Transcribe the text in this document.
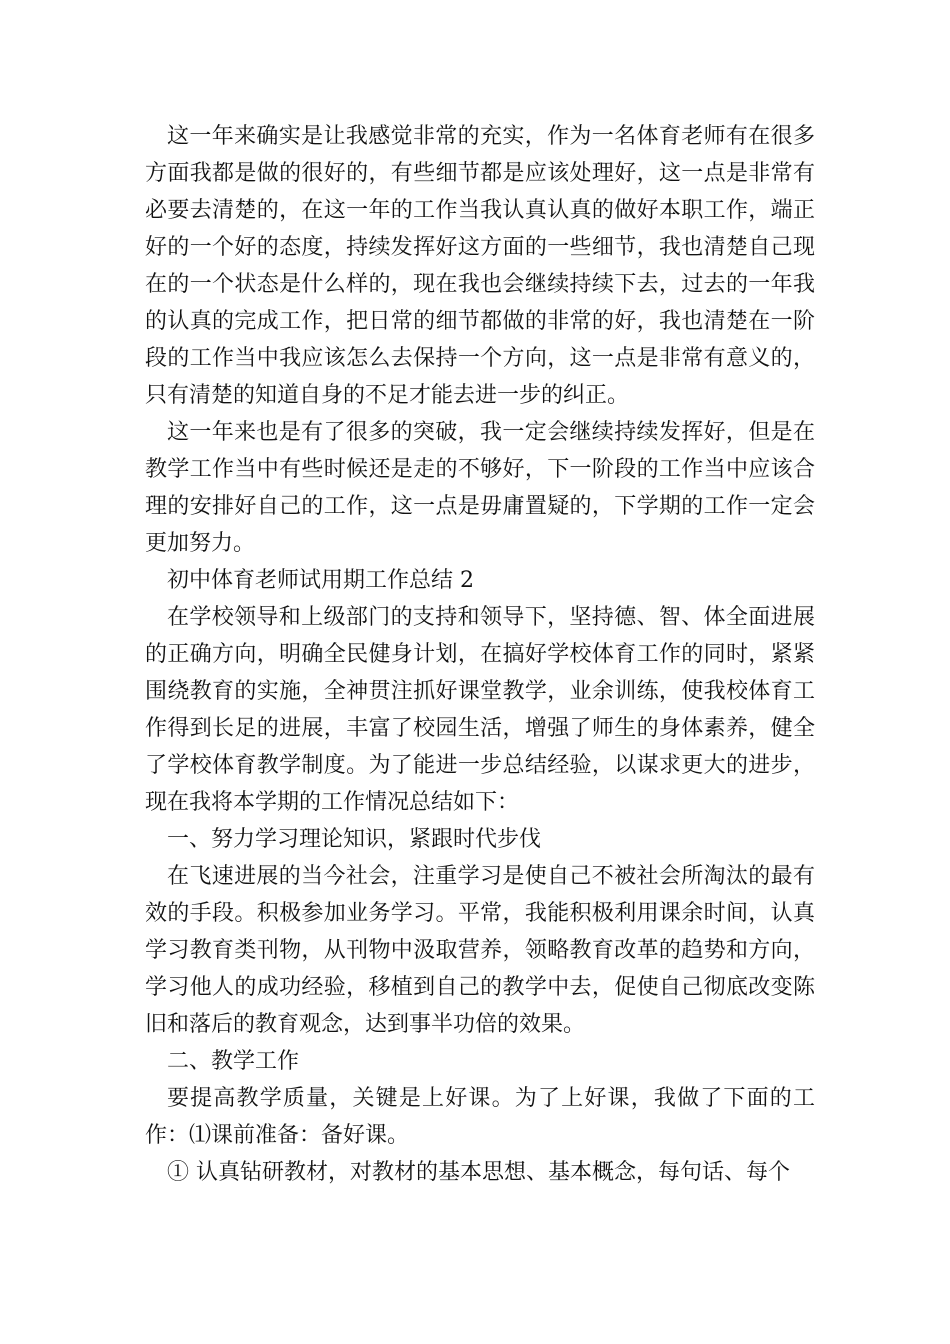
这一年来确实是让我感觉非常的充实，作为一名体育老师有在很多方面我都是做的很好的，有些细节都是应该处理好，这一点是非常有必要去清楚的，在这一年的工作当我认真认真的做好本职工作，端正好的一个好的态度，持续发挥好这方面的一些细节，我也清楚自己现在的一个状态是什么样的，现在我也会继续持续下去，过去的一年我的认真的完成工作，把日常的细节都做的非常的好，我也清楚在一阶段的工作当中我应该怎么去保持一个方向，这一点是非常有意义的，只有清楚的知道自身的不足才能去进一步的纠正。

这一年来也是有了很多的突破，我一定会继续持续发挥好，但是在教学工作当中有些时候还是走的不够好，下一阶段的工作当中应该合理的安排好自己的工作，这一点是毋庸置疑的，下学期的工作一定会更加努力。

初中体育老师试用期工作总结 2

在学校领导和上级部门的支持和领导下，坚持德、智、体全面进展的正确方向，明确全民健身计划，在搞好学校体育工作的同时，紧紧围绕教育的实施，全神贯注抓好课堂教学，业余训练，使我校体育工作得到长足的进展，丰富了校园生活，增强了师生的身体素养，健全了学校体育教学制度。为了能进一步总结经验，以谋求更大的进步，现在我将本学期的工作情况总结如下：

一、努力学习理论知识，紧跟时代步伐

在飞速进展的当今社会，注重学习是使自己不被社会所淘汰的最有效的手段。积极参加业务学习。平常，我能积极利用课余时间，认真学习教育类刊物，从刊物中汲取营养，领略教育改革的趋势和方向，学习他人的成功经验，移植到自己的教学中去，促使自己彻底改变陈旧和落后的教育观念，达到事半功倍的效果。

二、教学工作

要提高教学质量，关键是上好课。为了上好课，我做了下面的工作：⑴课前准备：备好课。

① 认真钻研教材，对教材的基本思想、基本概念，每句话、每个
